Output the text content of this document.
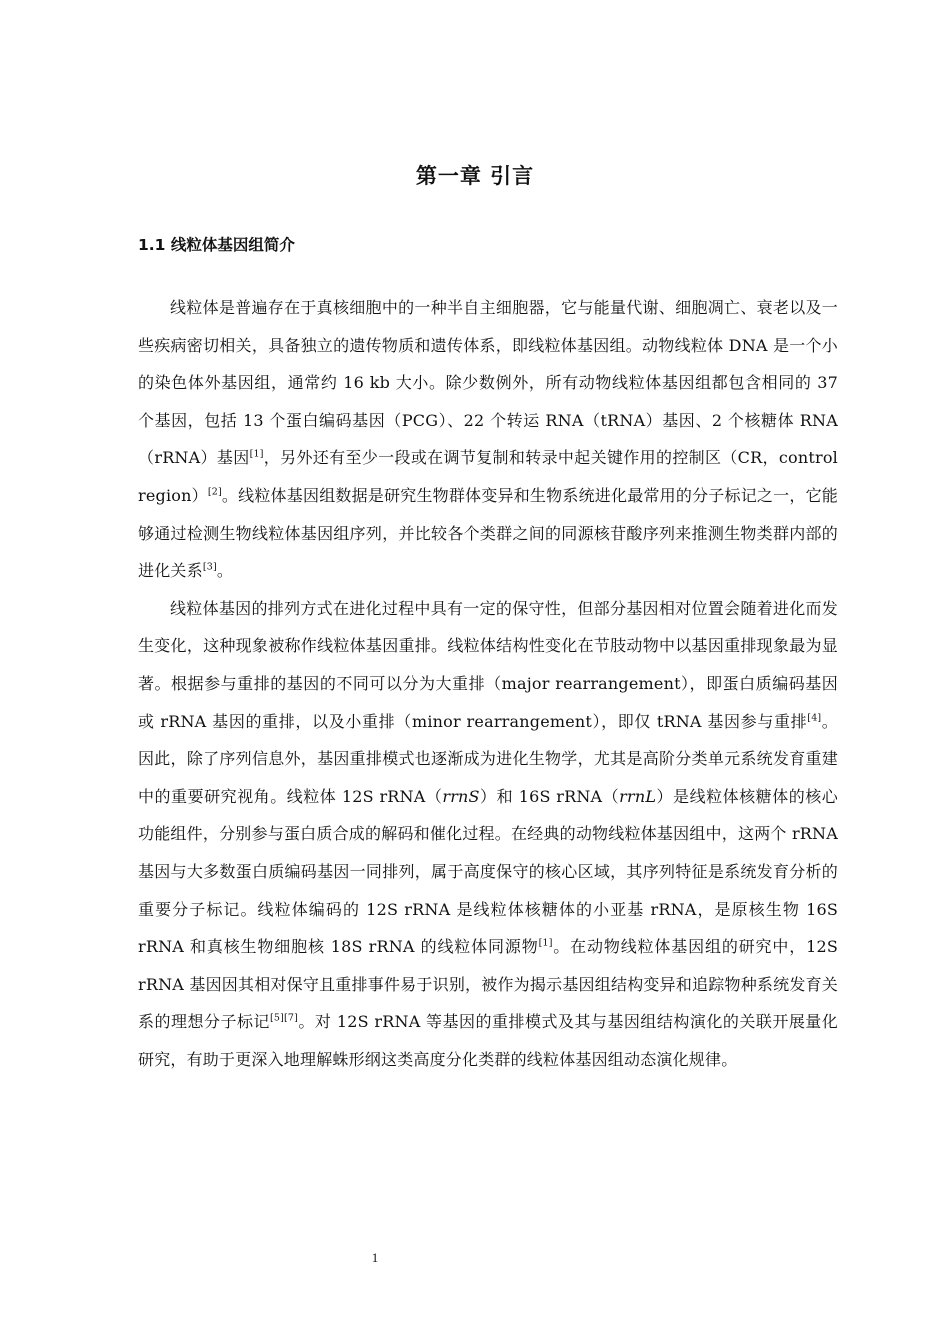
第一章 引言
1.1 线粒体基因组简介

线粒体是普遍存在于真核细胞中的一种半自主细胞器，它与能量代谢、细胞凋亡、衰老以及一些疾病密切相关，具备独立的遗传物质和遗传体系，即线粒体基因组。动物线粒体 DNA 是一个小的染色体外基因组，通常约 16 kb 大小。除少数例外，所有动物线粒体基因组都包含相同的 37 个基因，包括 13 个蛋白编码基因（PCG）、22 个转运 RNA（tRNA）基因、2 个核糖体 RNA（rRNA）基因[1]，另外还有至少一段或在调节复制和转录中起关键作用的控制区（CR，control region）[2]。线粒体基因组数据是研究生物群体变异和生物系统进化最常用的分子标记之一，它能够通过检测生物线粒体基因组序列，并比较各个类群之间的同源核苷酸序列来推测生物类群内部的进化关系[3]。

线粒体基因的排列方式在进化过程中具有一定的保守性，但部分基因相对位置会随着进化而发生变化，这种现象被称作线粒体基因重排。线粒体结构性变化在节肢动物中以基因重排现象最为显著。根据参与重排的基因的不同可以分为大重排（major rearrangement），即蛋白质编码基因或 rRNA 基因的重排，以及小重排（minor rearrangement），即仅 tRNA 基因参与重排[4]。因此，除了序列信息外，基因重排模式也逐渐成为进化生物学，尤其是高阶分类单元系统发育重建中的重要研究视角。线粒体 12S rRNA（rrnS）和 16S rRNA（rrnL）是线粒体核糖体的核心功能组件，分别参与蛋白质合成的解码和催化过程。在经典的动物线粒体基因组中，这两个 rRNA 基因与大多数蛋白质编码基因一同排列，属于高度保守的核心区域，其序列特征是系统发育分析的重要分子标记。线粒体编码的 12S rRNA 是线粒体核糖体的小亚基 rRNA，是原核生物 16S rRNA 和真核生物细胞核 18S rRNA 的线粒体同源物[1]。在动物线粒体基因组的研究中，12S rRNA 基因因其相对保守且重排事件易于识别，被作为揭示基因组结构变异和追踪物种系统发育关系的理想分子标记[5][7]。对 12S rRNA 等基因的重排模式及其与基因组结构演化的关联开展量化研究，有助于更深入地理解蛛形纲这类高度分化类群的线粒体基因组动态演化规律。

1
